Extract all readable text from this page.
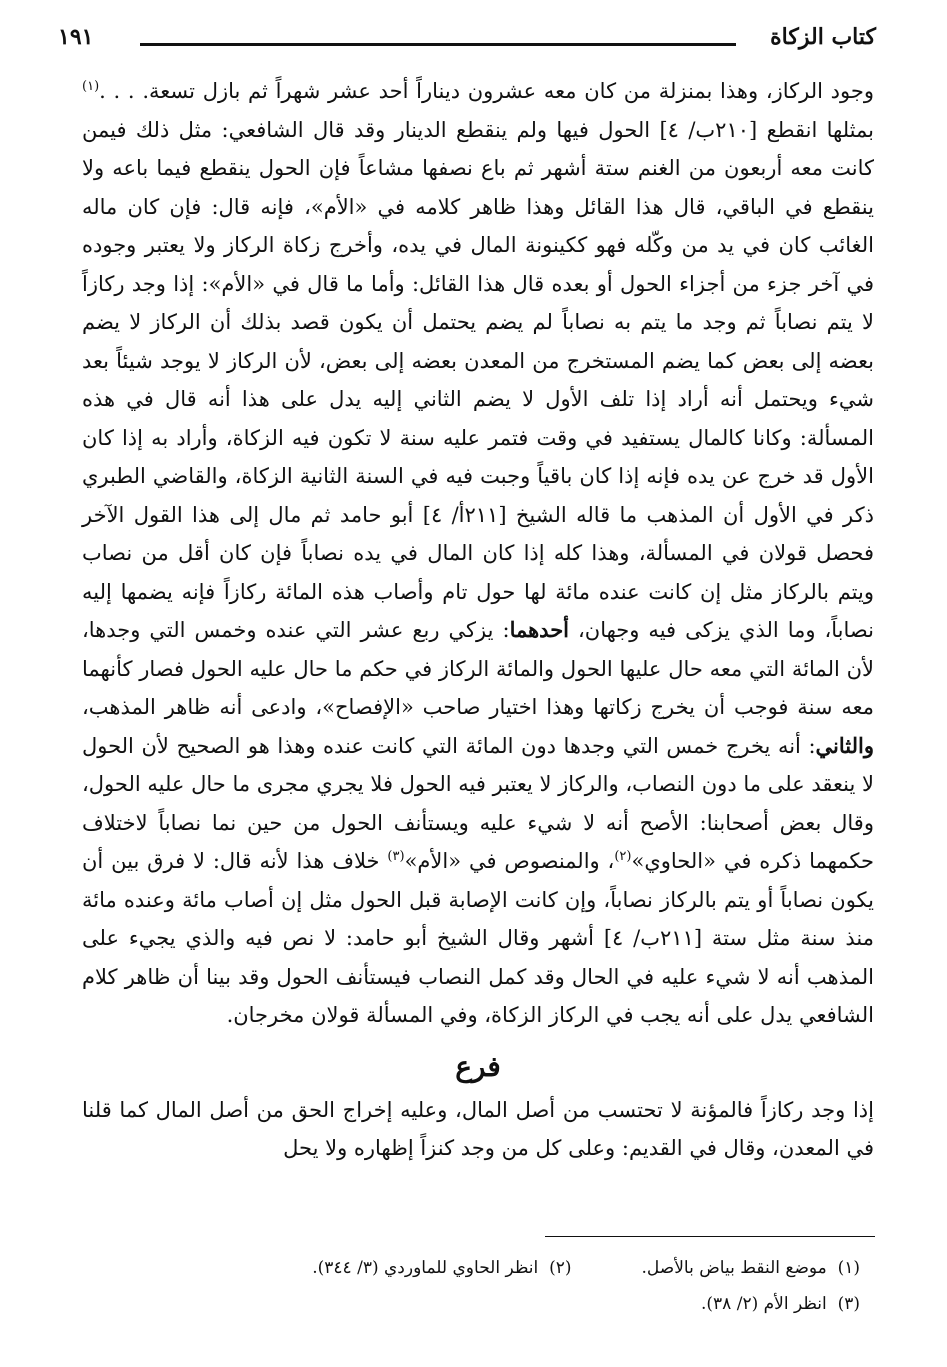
كتاب الزكاة
١٩١

وجود الركاز، وهذا بمنزلة من كان معه عشرون ديناراً أحد عشر شهراً ثم بازل تسعة. . . .$^{(١)}$ بمثلها انقطع [٢١٠ب/ ٤] الحول فيها ولم ينقطع الدينار وقد قال الشافعي: مثل ذلك فيمن كانت معه أربعون من الغنم ستة أشهر ثم باع نصفها مشاعاً فإن الحول ينقطع فيما باعه ولا ينقطع في الباقي، قال هذا القائل وهذا ظاهر كلامه في «الأم»، فإنه قال: فإن كان ماله الغائب كان في يد من وكّله فهو ككينونة المال في يده، وأخرج زكاة الركاز ولا يعتبر وجوده في آخر جزء من أجزاء الحول أو بعده قال هذا القائل: وأما ما قال في «الأم»: إذا وجد ركازاً لا يتم نصاباً ثم وجد ما يتم به نصاباً لم يضم يحتمل أن يكون قصد بذلك أن الركاز لا يضم بعضه إلى بعض كما يضم المستخرج من المعدن بعضه إلى بعض، لأن الركاز لا يوجد شيئاً بعد شيء ويحتمل أنه أراد إذا تلف الأول لا يضم الثاني إليه يدل على هذا أنه قال في هذه المسألة: وكانا كالمال يستفيد في وقت فتمر عليه سنة لا تكون فيه الزكاة، وأراد به إذا كان الأول قد خرج عن يده فإنه إذا كان باقياً وجبت فيه في السنة الثانية الزكاة، والقاضي الطبري ذكر في الأول أن المذهب ما قاله الشيخ [٢١١أ/ ٤] أبو حامد ثم مال إلى هذا القول الآخر فحصل قولان في المسألة، وهذا كله إذا كان المال في يده نصاباً فإن كان أقل من نصاب ويتم بالركاز مثل إن كانت عنده مائة لها حول تام وأصاب هذه المائة ركازاً فإنه يضمها إليه نصاباً، وما الذي يزكى فيه وجهان، أحدهما: يزكي ربع عشر التي عنده وخمس التي وجدها، لأن المائة التي معه حال عليها الحول والمائة الركاز في حكم ما حال عليه الحول فصار كأنهما معه سنة فوجب أن يخرج زكاتها وهذا اختيار صاحب «الإفصاح»، وادعى أنه ظاهر المذهب، والثاني: أنه يخرج خمس التي وجدها دون المائة التي كانت عنده وهذا هو الصحيح لأن الحول لا ينعقد على ما دون النصاب، والركاز لا يعتبر فيه الحول فلا يجري مجرى ما حال عليه الحول، وقال بعض أصحابنا: الأصح أنه لا شيء عليه ويستأنف الحول من حين نما نصاباً لاختلاف حكمهما ذكره في «الحاوي»$^{(٢)}$، والمنصوص في «الأم»$^{(٣)}$ خلاف هذا لأنه قال: لا فرق بين أن يكون نصاباً أو يتم بالركاز نصاباً، وإن كانت الإصابة قبل الحول مثل إن أصاب مائة وعنده مائة منذ سنة مثل ستة [٢١١ب/ ٤] أشهر وقال الشيخ أبو حامد: لا نص فيه والذي يجيء على المذهب أنه لا شيء عليه في الحال وقد كمل النصاب فيستأنف الحول وقد بينا أن ظاهر كلام الشافعي يدل على أنه يجب في الركاز الزكاة، وفي المسألة قولان مخرجان.

فرع

إذا وجد ركازاً فالمؤنة لا تحتسب من أصل المال، وعليه إخراج الحق من أصل المال كما قلنا في المعدن، وقال في القديم: وعلى كل من وجد كنزاً إظهاره ولا يحل

(١)  موضع النقط بياض بالأصل.
(٢)  انظر الحاوي للماوردي (٣/ ٣٤٤).
(٣)  انظر الأم (٢/ ٣٨).
